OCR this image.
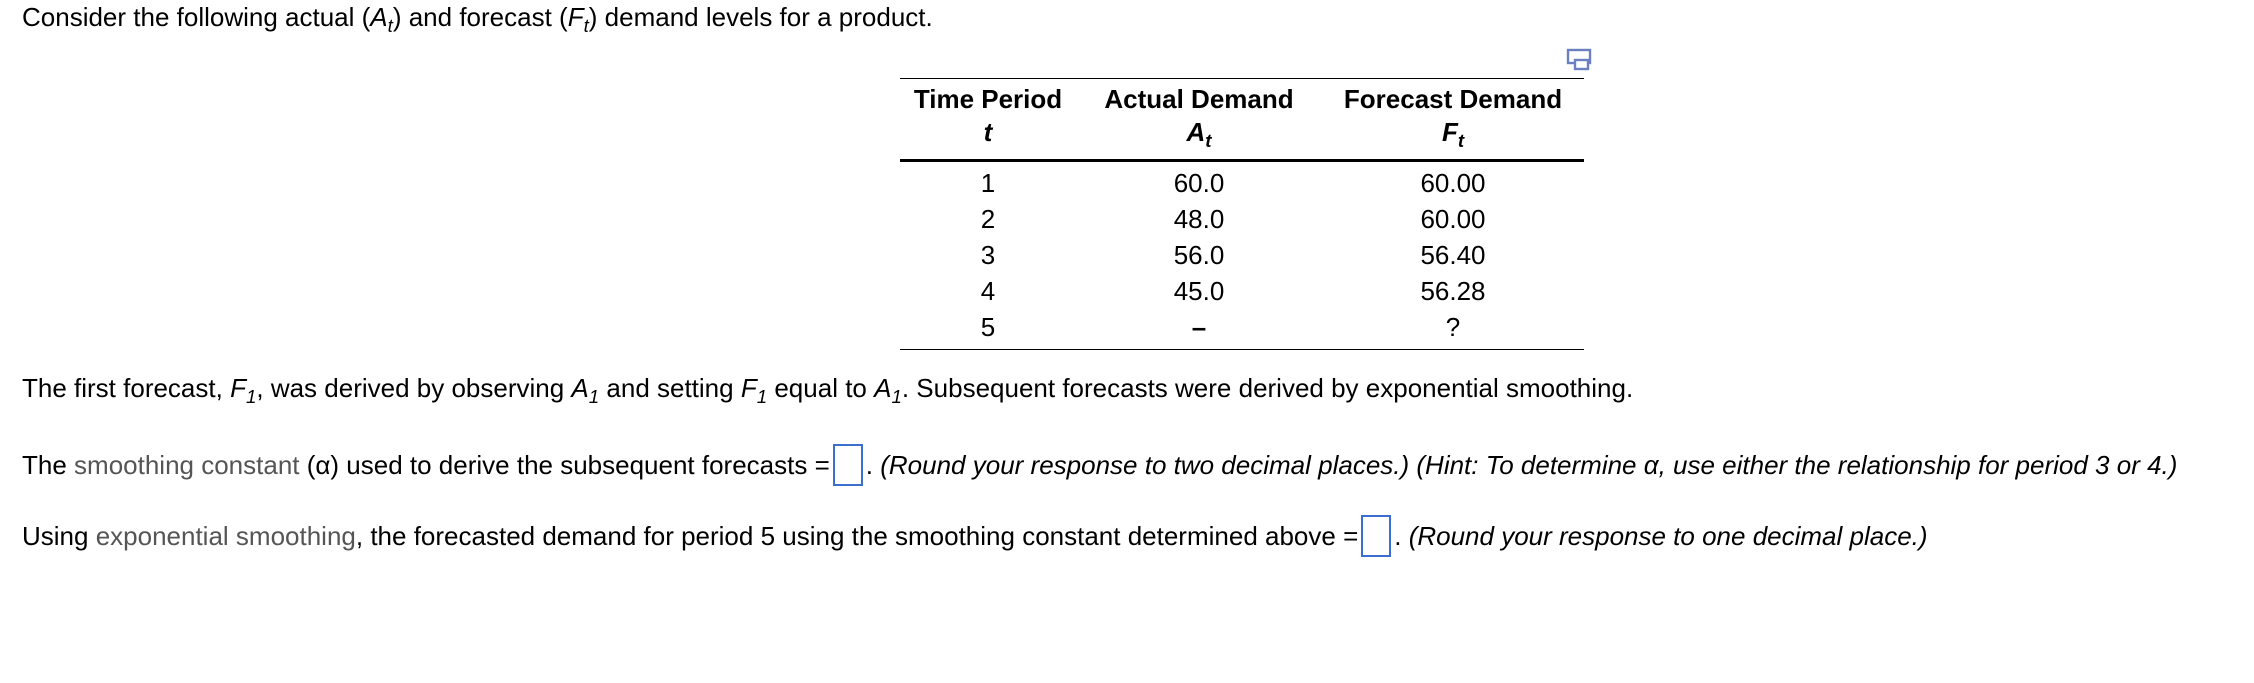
Consider the following actual $(A_t)$ and forecast $(F_t)$ demand levels for a product.
Time Period	Actual Demand	Forecast Demand
t	$A_t$	$F_t$
1	60.0	60.00
2	48.0	60.00
3	56.0	56.40
4	45.0	56.28
5	–	?
The first forecast, $F_1$, was derived by observing $A_1$ and setting $F_1$ equal to $A_1$. Subsequent forecasts were derived by exponential smoothing.
The smoothing constant (α) used to derive the subsequent forecasts = . (Round your response to two decimal places.) (Hint: To determine α, use either the relationship for period 3 or 4.)
Using exponential smoothing, the forecasted demand for period 5 using the smoothing constant determined above = . (Round your response to one decimal place.)
